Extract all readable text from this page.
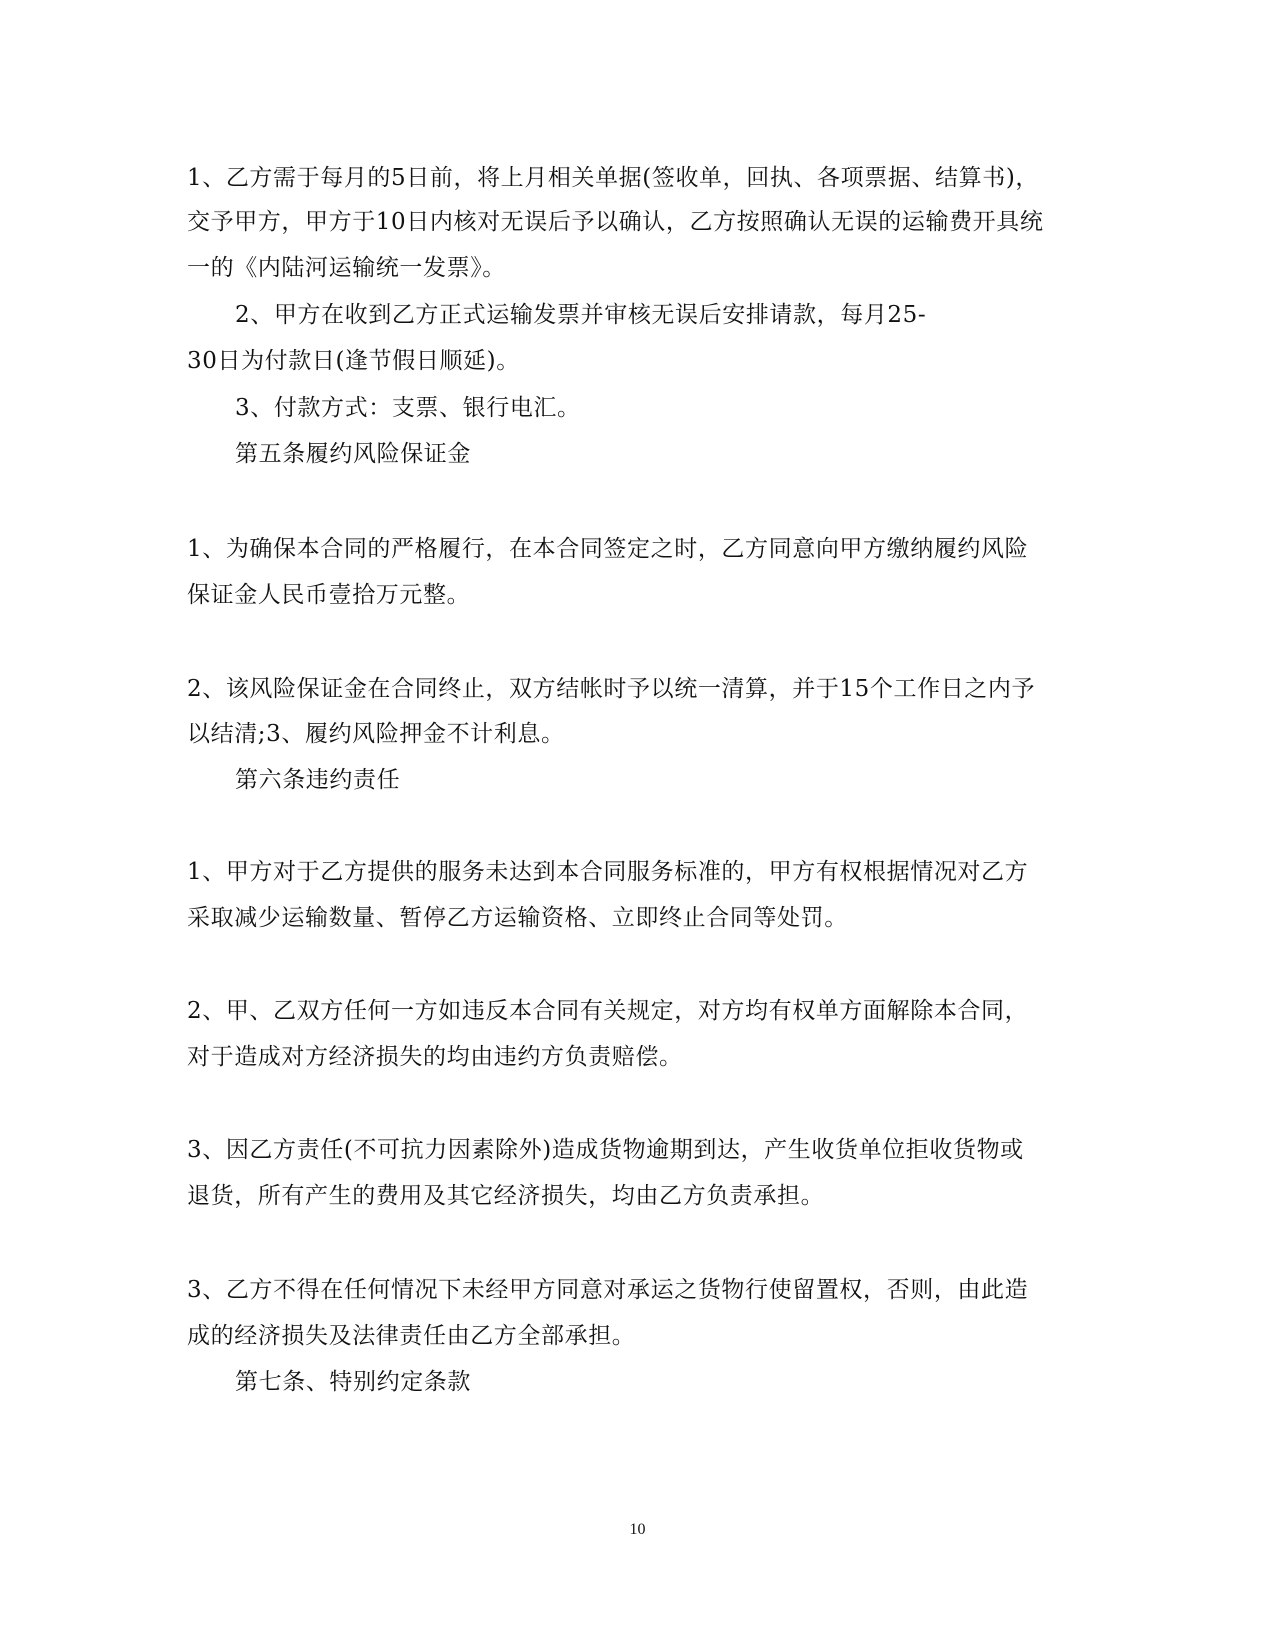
1、乙方需于每月的5日前，将上月相关单据(签收单，回执、各项票据、结算书)，
交予甲方，甲方于10日内核对无误后予以确认，乙方按照确认无误的运输费开具统
一的《内陆河运输统一发票》。
2、甲方在收到乙方正式运输发票并审核无误后安排请款，每月25-
30日为付款日(逢节假日顺延)。
3、付款方式：支票、银行电汇。
第五条履约风险保证金
1、为确保本合同的严格履行，在本合同签定之时，乙方同意向甲方缴纳履约风险
保证金人民币壹拾万元整。
2、该风险保证金在合同终止，双方结帐时予以统一清算，并于15个工作日之内予
以结清;3、履约风险押金不计利息。
第六条违约责任
1、甲方对于乙方提供的服务未达到本合同服务标准的，甲方有权根据情况对乙方
采取减少运输数量、暂停乙方运输资格、立即终止合同等处罚。
2、甲、乙双方任何一方如违反本合同有关规定，对方均有权单方面解除本合同，
对于造成对方经济损失的均由违约方负责赔偿。
3、因乙方责任(不可抗力因素除外)造成货物逾期到达，产生收货单位拒收货物或
退货，所有产生的费用及其它经济损失，均由乙方负责承担。
3、乙方不得在任何情况下未经甲方同意对承运之货物行使留置权，否则，由此造
成的经济损失及法律责任由乙方全部承担。
第七条、特别约定条款
10
